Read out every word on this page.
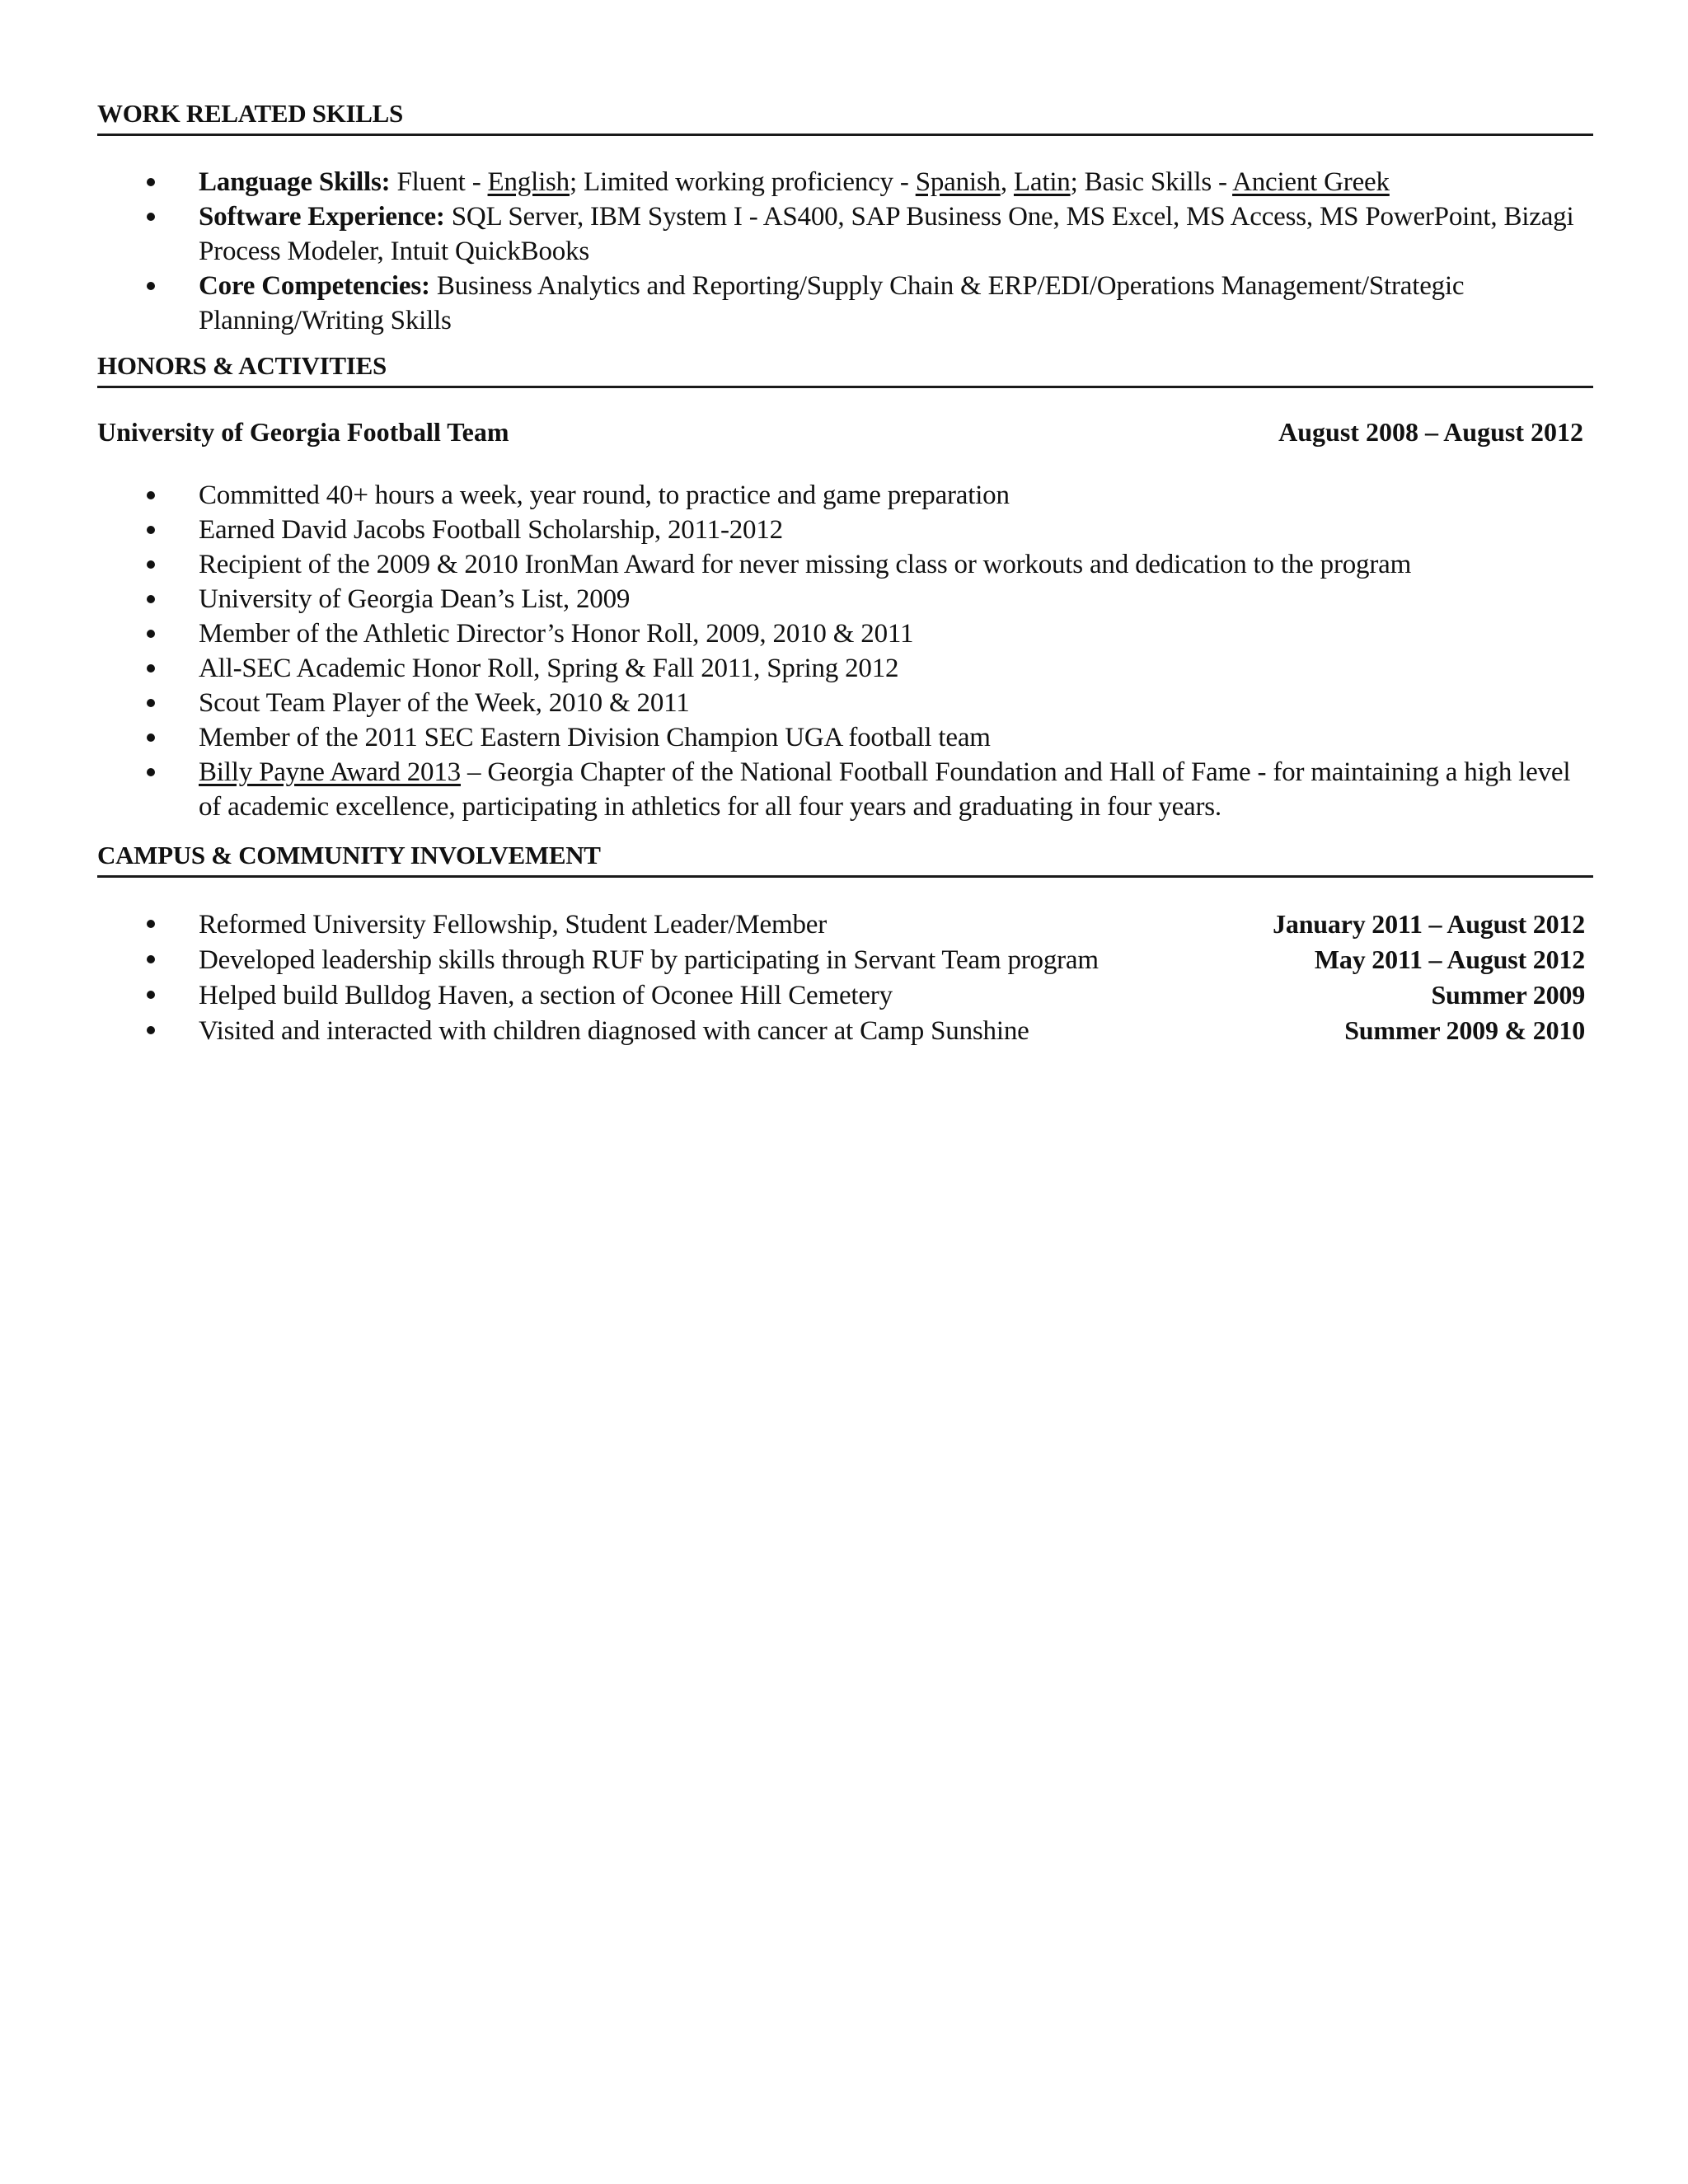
WORK RELATED SKILLS
Language Skills: Fluent - English; Limited working proficiency - Spanish, Latin; Basic Skills - Ancient Greek
Software Experience: SQL Server, IBM System I - AS400, SAP Business One, MS Excel, MS Access, MS PowerPoint, Bizagi Process Modeler, Intuit QuickBooks
Core Competencies: Business Analytics and Reporting/Supply Chain & ERP/EDI/Operations Management/Strategic Planning/Writing Skills
HONORS & ACTIVITIES
University of Georgia Football Team	August 2008 – August 2012
Committed 40+ hours a week, year round, to practice and game preparation
Earned David Jacobs Football Scholarship, 2011-2012
Recipient of the 2009 & 2010 IronMan Award for never missing class or workouts and dedication to the program
University of Georgia Dean’s List, 2009
Member of the Athletic Director’s Honor Roll, 2009, 2010 & 2011
All-SEC Academic Honor Roll, Spring & Fall 2011, Spring 2012
Scout Team Player of the Week, 2010 & 2011
Member of the 2011 SEC Eastern Division Champion UGA football team
Billy Payne Award 2013 – Georgia Chapter of the National Football Foundation and Hall of Fame - for maintaining a high level of academic excellence, participating in athletics for all four years and graduating in four years.
CAMPUS & COMMUNITY INVOLVEMENT
Reformed University Fellowship, Student Leader/Member	January 2011 – August 2012
Developed leadership skills through RUF by participating in Servant Team program	May 2011 – August 2012
Helped build Bulldog Haven, a section of Oconee Hill Cemetery	Summer 2009
Visited and interacted with children diagnosed with cancer at Camp Sunshine	Summer 2009 & 2010
